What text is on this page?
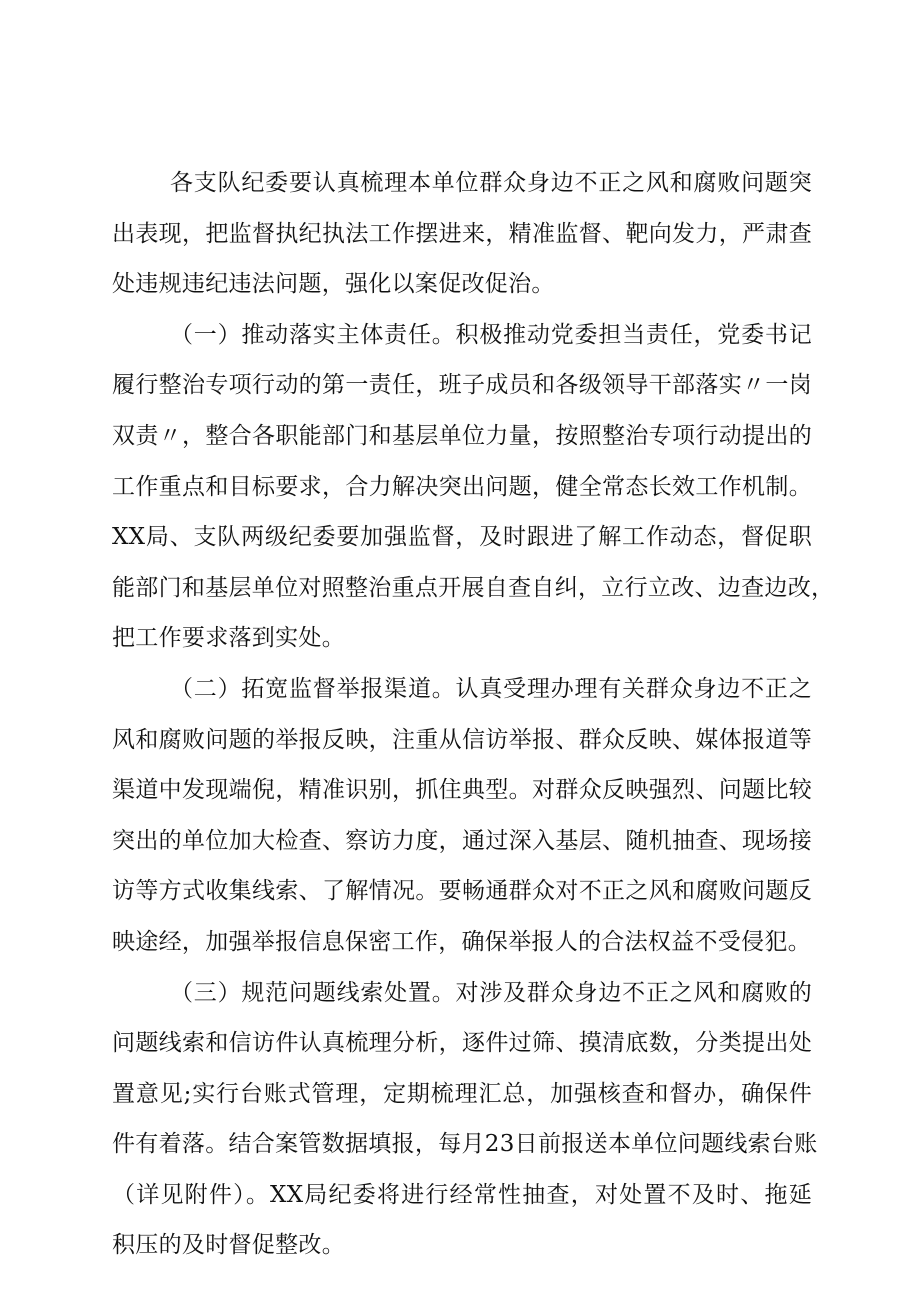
各支队纪委要认真梳理本单位群众身边不正之风和腐败问题突
出表现，把监督执纪执法工作摆进来，精准监督、靶向发力，严肃查
处违规违纪违法问题，强化以案促改促治。
（一）推动落实主体责任。积极推动党委担当责任，党委书记
履行整治专项行动的第一责任，班子成员和各级领导干部落实〃一岗
双责〃，整合各职能部门和基层单位力量，按照整治专项行动提出的
工作重点和目标要求，合力解决突出问题，健全常态长效工作机制。
XX局、支队两级纪委要加强监督，及时跟进了解工作动态，督促职
能部门和基层单位对照整治重点开展自查自纠，立行立改、边查边改，
把工作要求落到实处。
（二）拓宽监督举报渠道。认真受理办理有关群众身边不正之
风和腐败问题的举报反映，注重从信访举报、群众反映、媒体报道等
渠道中发现端倪，精准识别，抓住典型。对群众反映强烈、问题比较
突出的单位加大检查、察访力度，通过深入基层、随机抽查、现场接
访等方式收集线索、了解情况。要畅通群众对不正之风和腐败问题反
映途经，加强举报信息保密工作，确保举报人的合法权益不受侵犯。
（三）规范问题线索处置。对涉及群众身边不正之风和腐败的
问题线索和信访件认真梳理分析，逐件过筛、摸清底数，分类提出处
置意见;实行台账式管理，定期梳理汇总，加强核查和督办，确保件
件有着落。结合案管数据填报，每月23日前报送本单位问题线索台账
（详见附件）。XX局纪委将进行经常性抽查，对处置不及时、拖延
积压的及时督促整改。
